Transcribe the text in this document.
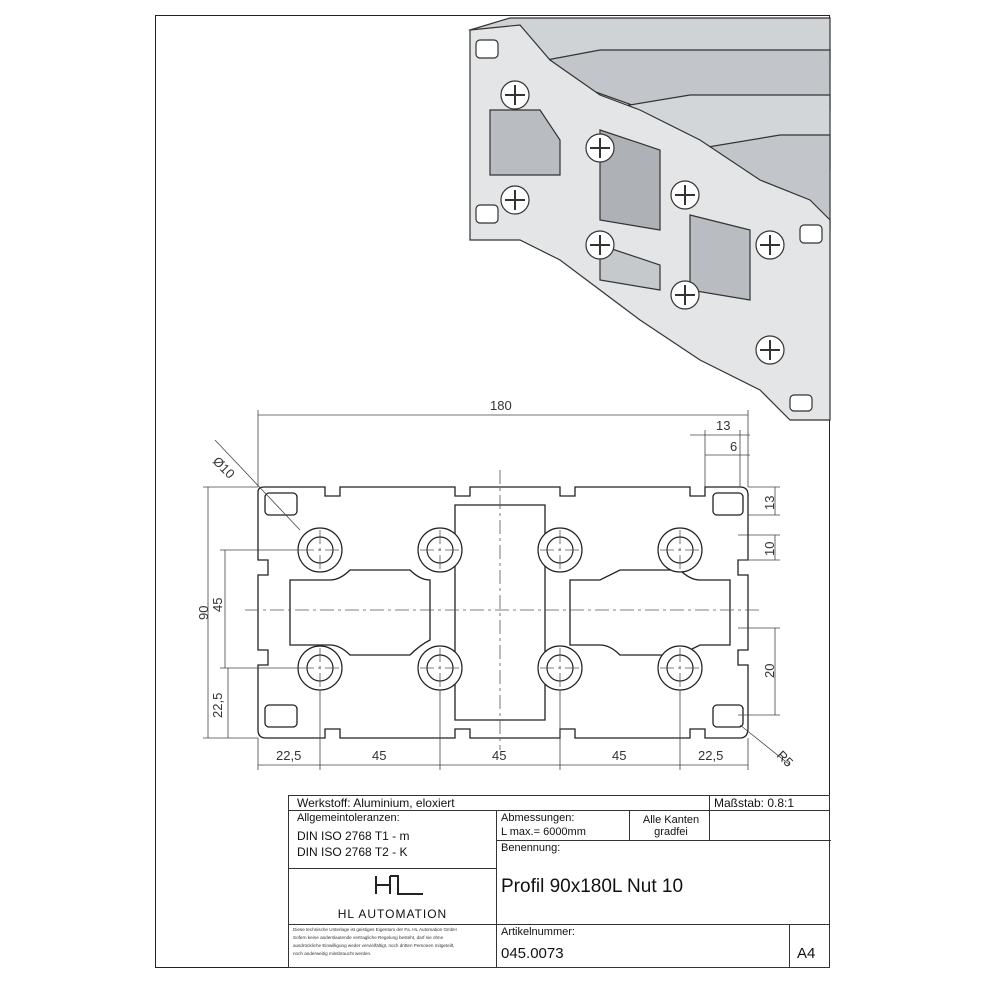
180
90
45
22,5
Ø10
13
6
13
10
20
R5
22,5	45	45	45	22,5
Werkstoff: Aluminium, eloxiert	Maßstab: 0.8:1
Allgemeintoleranzen:
DIN ISO 2768 T1 - m
DIN ISO 2768 T2 - K
Abmessungen:
L max.= 6000mm
Alle Kanten
gradfei
Benennung:
Profil 90x180L Nut 10
HL AUTOMATION
Diese technische Unterlage ist geistiges Eigentum der Fa. HL Automation GmbH
Sofern keine anderslautende vertragliche Regelung besteht, darf sie ohne
ausdrückliche Einwilligung weder vervielfältigt, noch dritten Personen mitgeteilt,
noch anderweitig missbraucht werden.
Artikelnummer:
045.0073	A4
